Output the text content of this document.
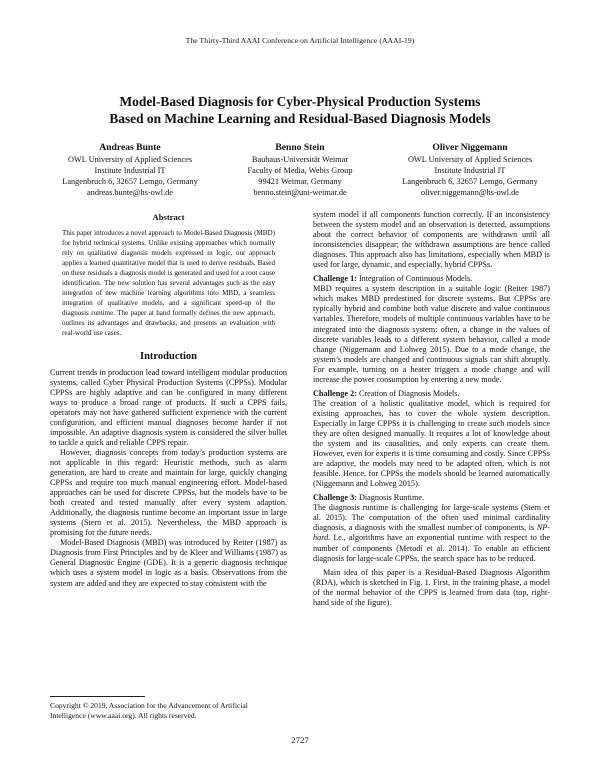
The Thirty-Third AAAI Conference on Artificial Intelligence (AAAI-19)
Model-Based Diagnosis for Cyber-Physical Production Systems
Based on Machine Learning and Residual-Based Diagnosis Models
Andreas Bunte
OWL University of Applied Sciences
Institute Industrial IT
Langenbruch 6, 32657 Lemgo, Germany
andreas.bunte@hs-owl.de
Benno Stein
Bauhaus-Universität Weimar
Faculty of Media, Webis Group
99421 Weimar, Germany
benno.stein@uni-weimar.de
Oliver Niggemann
OWL University of Applied Sciences
Institute Industrial IT
Langenbruch 6, 32657 Lemgo, Germany
oliver.niggemann@hs-owl.de
Abstract

This paper introduces a novel approach to Model-Based Diagnosis (MBD) for hybrid technical systems. Unlike existing approaches which normally rely on qualitative diagnosis models expressed in logic, our approach applies a learned quantitative model that is used to derive residuals. Based on these residuals a diagnosis model is generated and used for a root cause identification. The new solution has several advantages such as the easy integration of new machine learning algorithms into MBD, a seamless integration of qualitative models, and a significant speed-up of the diagnosis runtime. The paper at hand formally defines the new approach, outlines its advantages and drawbacks, and presents an evaluation with real-world use cases.

Introduction

Current trends in production lead toward intelligent modular production systems, called Cyber Physical Production Systems (CPPSs). Modular CPPSs are highly adaptive and can be configured in many different ways to produce a broad range of products. If such a CPPS fails, operators may not have gathered sufficient experience with the current configuration, and efficient manual diagnoses become harder if not impossible. An adaptive diagnosis system is considered the silver bullet to tackle a quick and reliable CPPS repair.

However, diagnosis concepts from today’s production systems are not applicable in this regard: Heuristic methods, such as alarm generation, are hard to create and maintain for large, quickly changing CPPSs and require too much manual engineering effort. Model-based approaches can be used for discrete CPPSs, but the models have to be both created and tested manually after every system adaption. Additionally, the diagnosis runtime become an important issue in large systems (Stern et al. 2015). Nevertheless, the MBD approach is promising for the future needs.

Model-Based Diagnosis (MBD) was introduced by Reiter (1987) as Diagnosis from First Principles and by de Kleer and Williams (1987) as General Diagnostic Engine (GDE). It is a generic diagnosis technique which uses a system model in logic as a basis. Observations from the system are added and they are expected to stay consistent with the

system model if all components function correctly. If an inconsistency between the system model and an observation is detected, assumptions about the correct behavior of components are withdrawn until all inconsistencies disappear; the withdrawn assumptions are hence called diagnoses. This approach also has limitations, especially when MBD is used for large, dynamic, and especially, hybrid CPPSs.

Challenge 1: Integration of Continuous Models.

MBD requires a system description in a suitable logic (Reiter 1987) which makes MBD predestined for discrete systems. But CPPSs are typically hybrid and combine both value discrete and value continuous variables. Therefore, models of multiple continuous variables have to be integrated into the diagnosis system: often, a change in the values of discrete variables leads to a different system behavior, called a mode change (Niggemann and Lohweg 2015). Due to a mode change, the system’s models are changed and continuous signals can shift abruptly. For example, turning on a heater triggers a mode change and will increase the power consumption by entering a new mode.

Challenge 2: Creation of Diagnosis Models.

The creation of a holistic qualitative model, which is required for existing approaches, has to cover the whole system description. Especially in large CPPSs it is challenging to create such models since they are often designed manually. It requires a lot of knowledge about the system and its causalities, and only experts can create them. However, even for experts it is time consuming and costly. Since CPPSs are adaptive, the models may need to be adapted often, which is not feasible. Hence, for CPPSs the models should be learned automatically (Niggemann and Lohweg 2015).

Challenge 3: Diagnosis Runtime.

The diagnosis runtime is challenging for large-scale systems (Stern et al. 2015). The computation of the often used minimal cardinality diagnosis, a diagnosis with the smallest number of components, is NP-hard. I.e., algorithms have an exponential runtime with respect to the number of components (Metodi et al. 2014). To enable an efficient diagnosis for large-scale CPPSs, the search space has to be reduced.

Main idea of this paper is a Residual-Based Diagnosis Algorithm (RDA), which is sketched in Fig. 1. First, in the training phase, a model of the normal behavior of the CPPS is learned from data (top, right-hand side of the figure).

Copyright © 2019, Association for the Advancement of Artificial

Intelligence (www.aaai.org). All rights reserved.

2727
